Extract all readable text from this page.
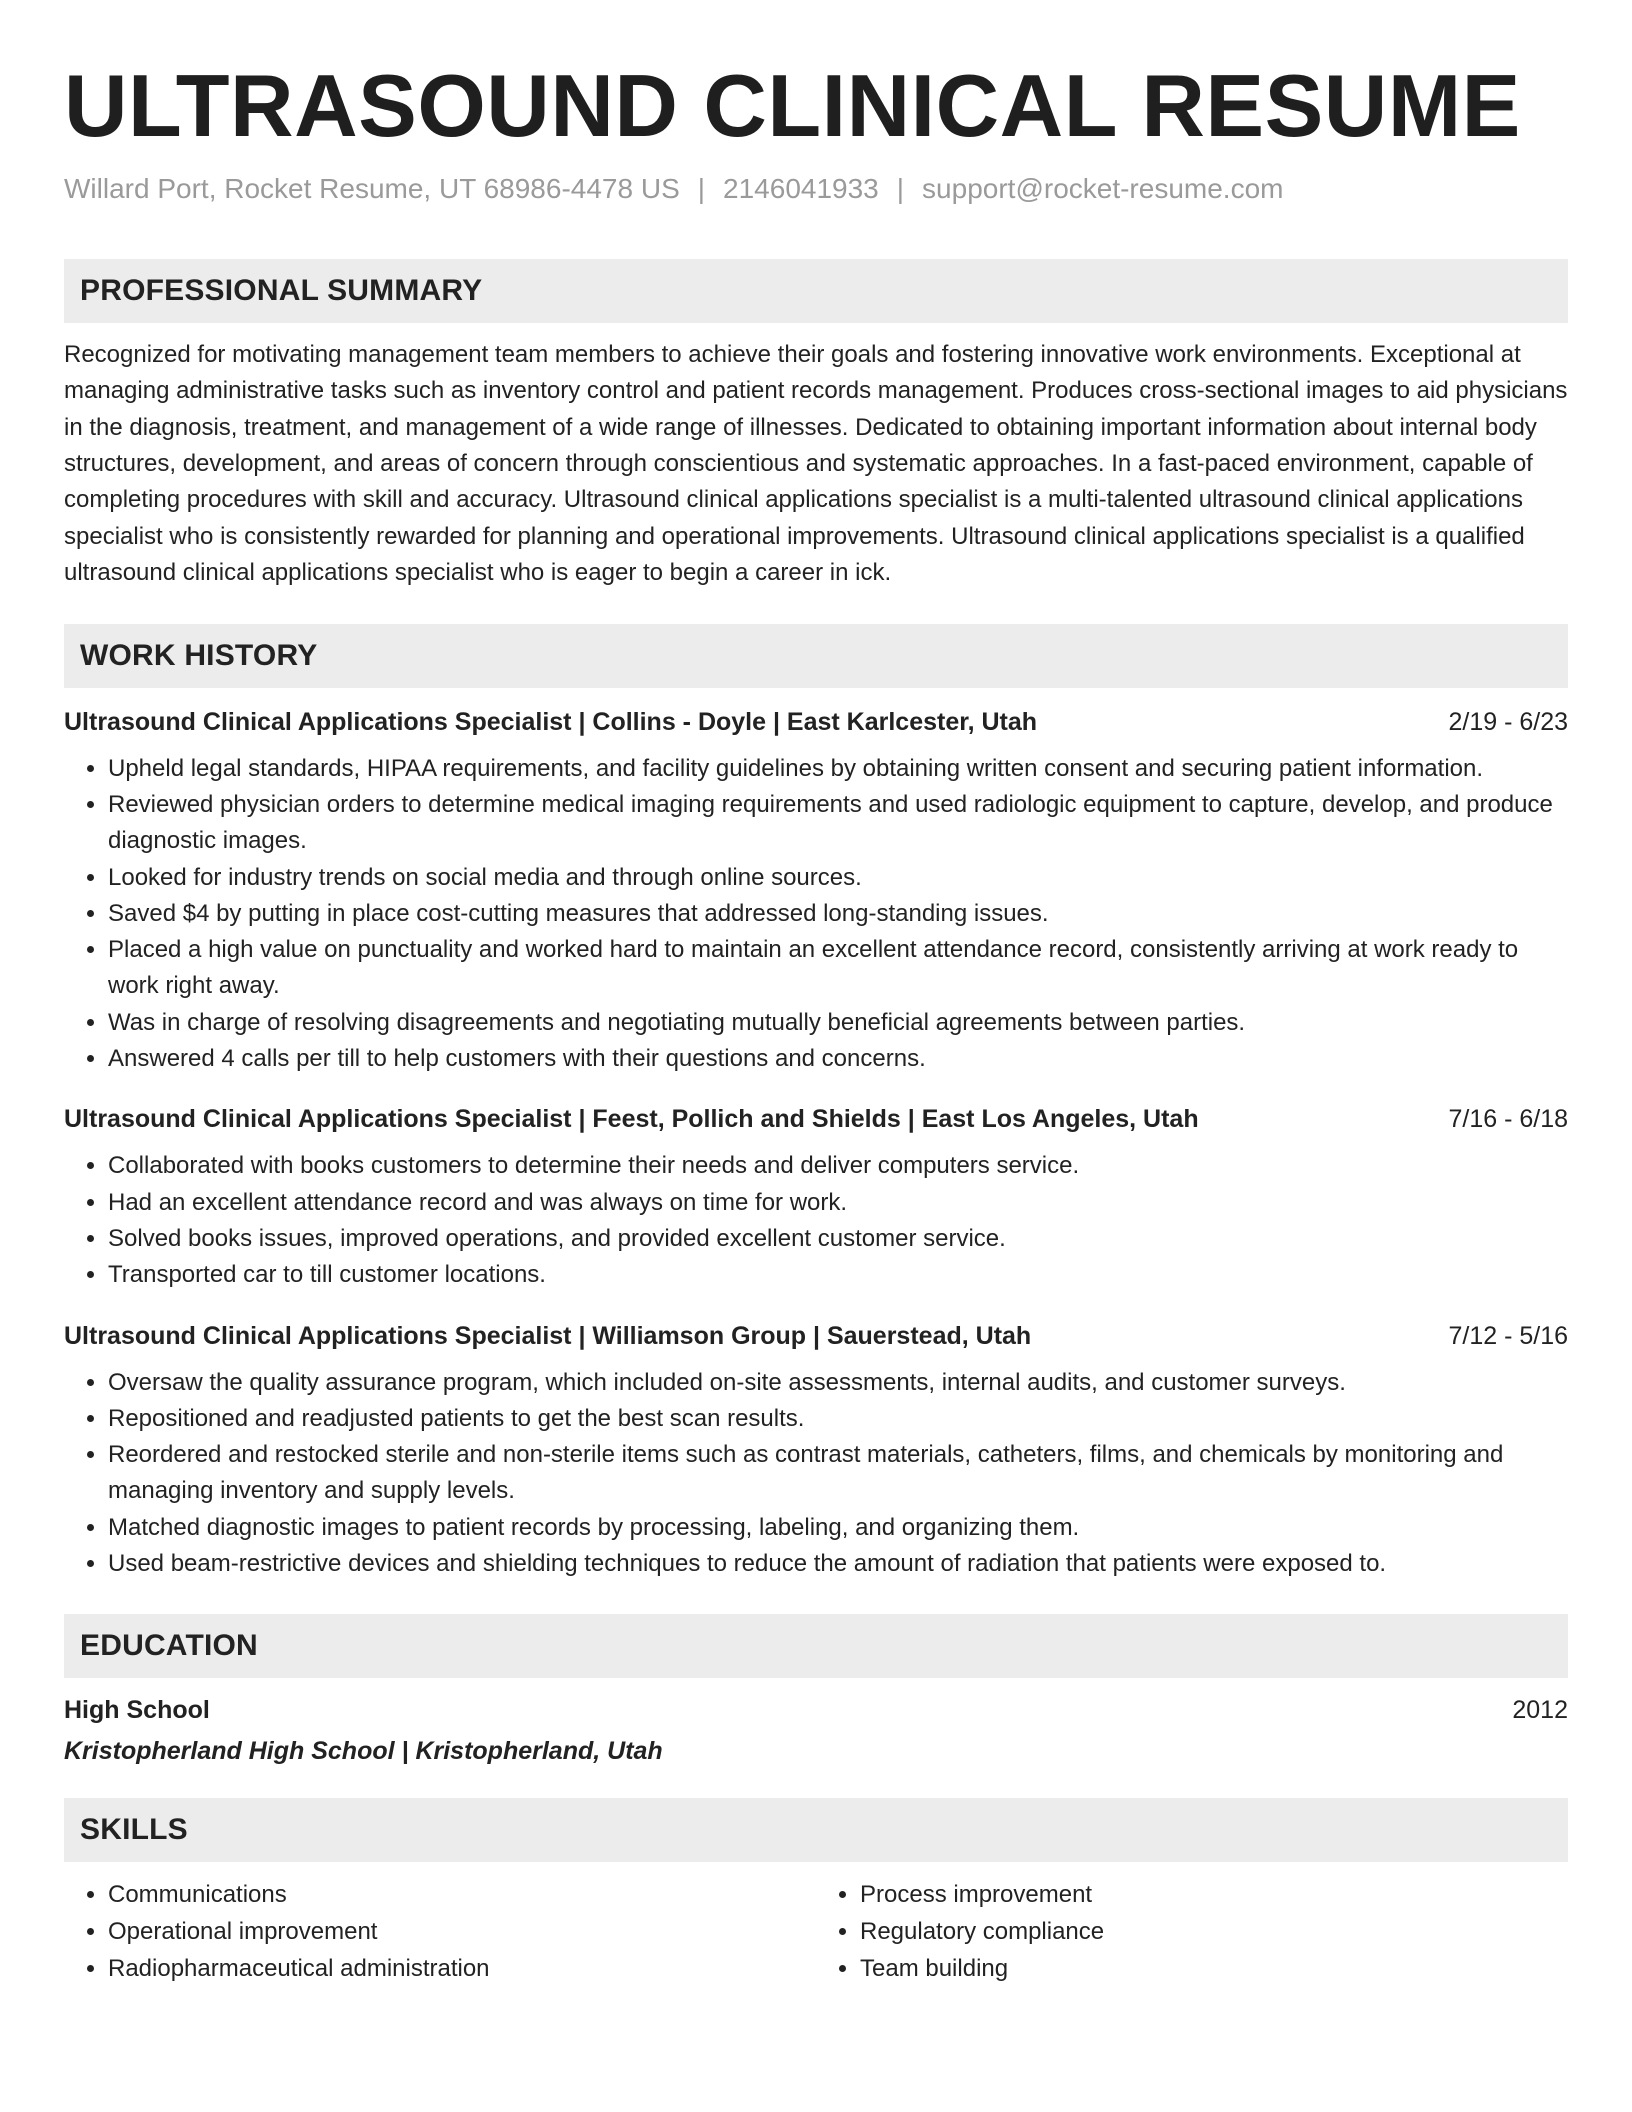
ULTRASOUND CLINICAL RESUME
Willard Port, Rocket Resume, UT 68986-4478 US | 2146041933 | support@rocket-resume.com
PROFESSIONAL SUMMARY
Recognized for motivating management team members to achieve their goals and fostering innovative work environments. Exceptional at managing administrative tasks such as inventory control and patient records management. Produces cross-sectional images to aid physicians in the diagnosis, treatment, and management of a wide range of illnesses. Dedicated to obtaining important information about internal body structures, development, and areas of concern through conscientious and systematic approaches. In a fast-paced environment, capable of completing procedures with skill and accuracy. Ultrasound clinical applications specialist is a multi-talented ultrasound clinical applications specialist who is consistently rewarded for planning and operational improvements. Ultrasound clinical applications specialist is a qualified ultrasound clinical applications specialist who is eager to begin a career in ick.
WORK HISTORY
Ultrasound Clinical Applications Specialist | Collins - Doyle | East Karlcester, Utah	2/19 - 6/23
• Upheld legal standards, HIPAA requirements, and facility guidelines by obtaining written consent and securing patient information.
• Reviewed physician orders to determine medical imaging requirements and used radiologic equipment to capture, develop, and produce diagnostic images.
• Looked for industry trends on social media and through online sources.
• Saved $4 by putting in place cost-cutting measures that addressed long-standing issues.
• Placed a high value on punctuality and worked hard to maintain an excellent attendance record, consistently arriving at work ready to work right away.
• Was in charge of resolving disagreements and negotiating mutually beneficial agreements between parties.
• Answered 4 calls per till to help customers with their questions and concerns.
Ultrasound Clinical Applications Specialist | Feest, Pollich and Shields | East Los Angeles, Utah	7/16 - 6/18
• Collaborated with books customers to determine their needs and deliver computers service.
• Had an excellent attendance record and was always on time for work.
• Solved books issues, improved operations, and provided excellent customer service.
• Transported car to till customer locations.
Ultrasound Clinical Applications Specialist | Williamson Group | Sauerstead, Utah	7/12 - 5/16
• Oversaw the quality assurance program, which included on-site assessments, internal audits, and customer surveys.
• Repositioned and readjusted patients to get the best scan results.
• Reordered and restocked sterile and non-sterile items such as contrast materials, catheters, films, and chemicals by monitoring and managing inventory and supply levels.
• Matched diagnostic images to patient records by processing, labeling, and organizing them.
• Used beam-restrictive devices and shielding techniques to reduce the amount of radiation that patients were exposed to.
EDUCATION
High School	2012
Kristopherland High School | Kristopherland, Utah
SKILLS
• Communications
• Operational improvement
• Radiopharmaceutical administration
• Process improvement
• Regulatory compliance
• Team building
